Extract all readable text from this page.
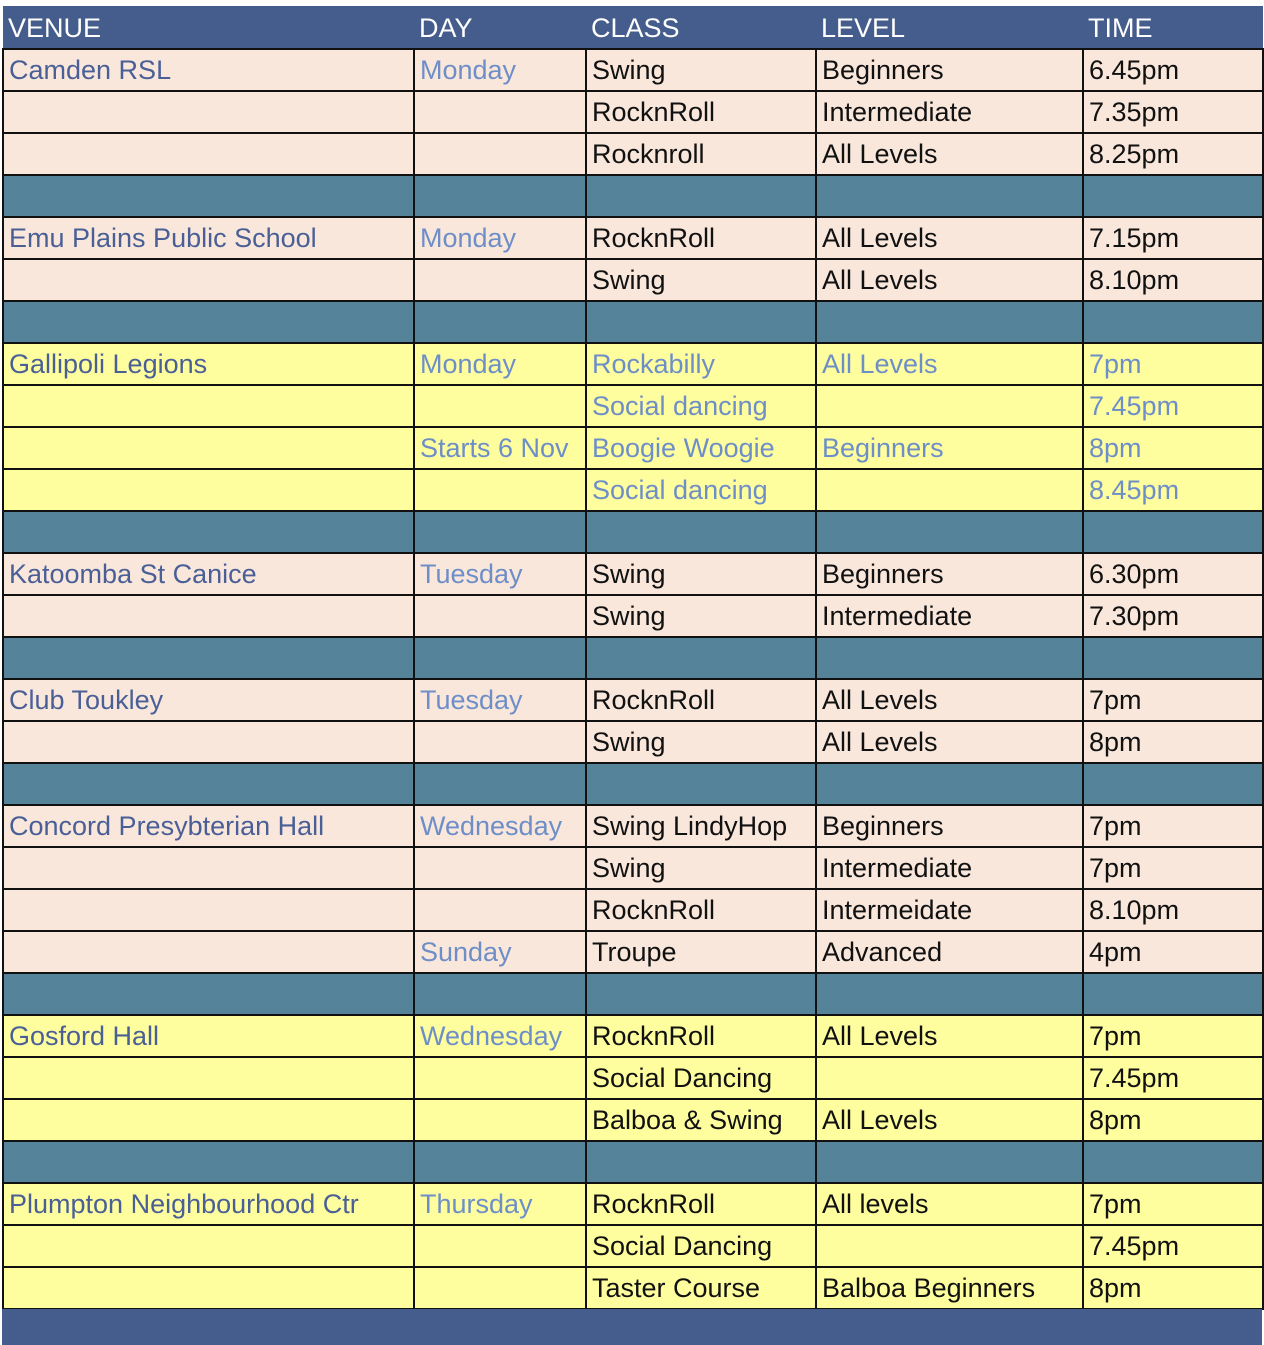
VENUE	DAY	CLASS	LEVEL	TIME
Camden RSL	Monday	Swing	Beginners	6.45pm
		RocknRoll	Intermediate	7.35pm
		Rocknroll	All Levels	8.25pm

Emu Plains Public School	Monday	RocknRoll	All Levels	7.15pm
		Swing	All Levels	8.10pm

Gallipoli Legions	Monday	Rockabilly	All Levels	7pm
		Social dancing		7.45pm
	Starts 6 Nov	Boogie Woogie	Beginners	8pm
		Social dancing		8.45pm

Katoomba St Canice	Tuesday	Swing	Beginners	6.30pm
		Swing	Intermediate	7.30pm

Club Toukley	Tuesday	RocknRoll	All Levels	7pm
		Swing	All Levels	8pm

Concord Presybterian Hall	Wednesday	Swing LindyHop	Beginners	7pm
		Swing	Intermediate	7pm
		RocknRoll	Intermeidate	8.10pm
	Sunday	Troupe	Advanced	4pm

Gosford Hall	Wednesday	RocknRoll	All Levels	7pm
		Social Dancing		7.45pm
		Balboa & Swing	All Levels	8pm

Plumpton Neighbourhood Ctr	Thursday	RocknRoll	All levels	7pm
		Social Dancing		7.45pm
		Taster Course	Balboa Beginners	8pm
